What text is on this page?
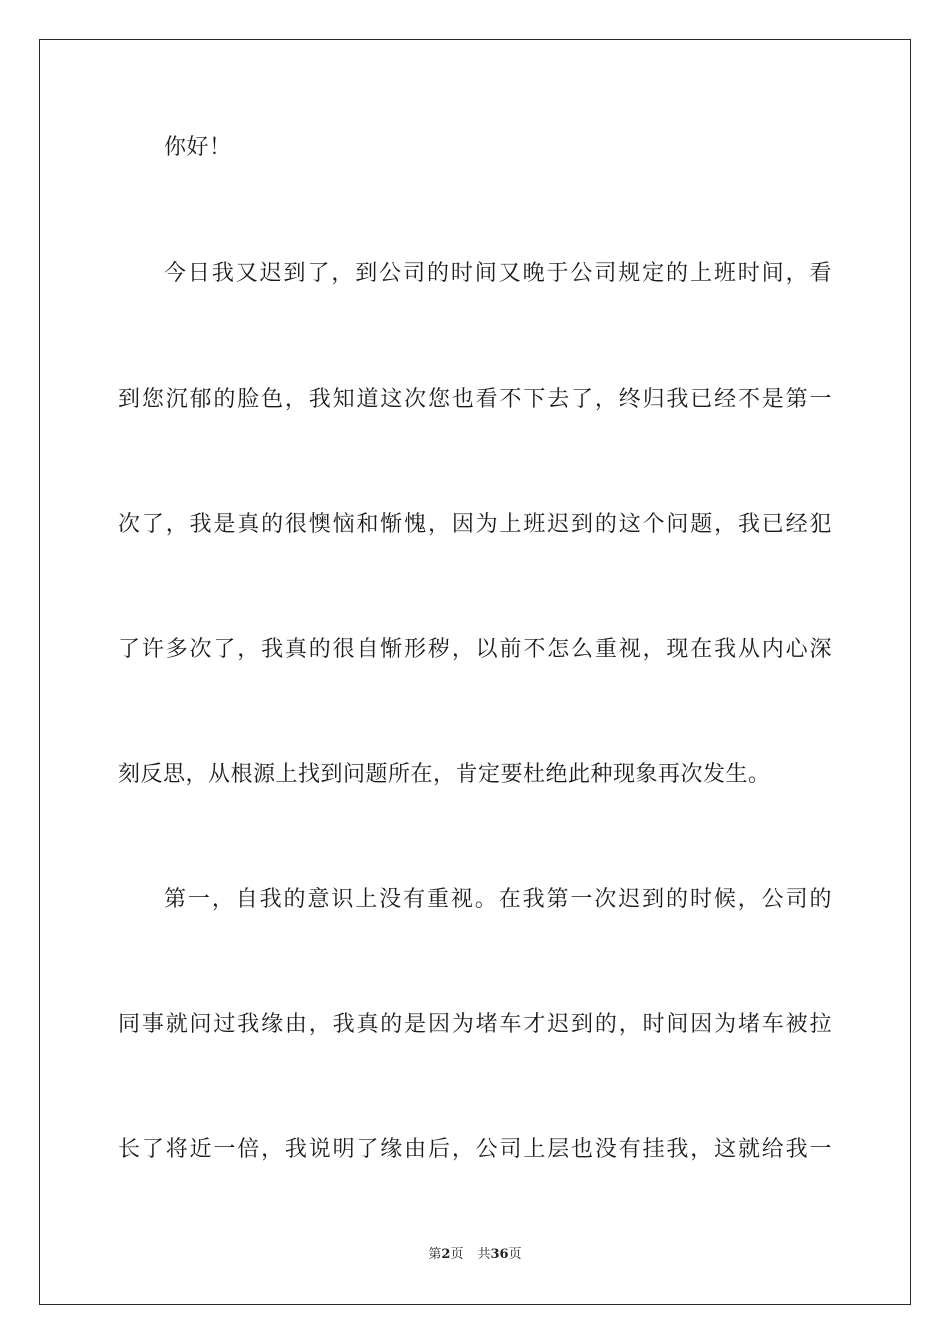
你好！
今日我又迟到了，到公司的时间又晚于公司规定的上班时间，看
到您沉郁的脸色，我知道这次您也看不下去了，终归我已经不是第一
次了，我是真的很懊恼和惭愧，因为上班迟到的这个问题，我已经犯
了许多次了，我真的很自惭形秽，以前不怎么重视，现在我从内心深
刻反思，从根源上找到问题所在，肯定要杜绝此种现象再次发生。
第一，自我的意识上没有重视。在我第一次迟到的时候，公司的
同事就问过我缘由，我真的是因为堵车才迟到的，时间因为堵车被拉
长了将近一倍，我说明了缘由后，公司上层也没有挂我，这就给我一
第2页 共36页
